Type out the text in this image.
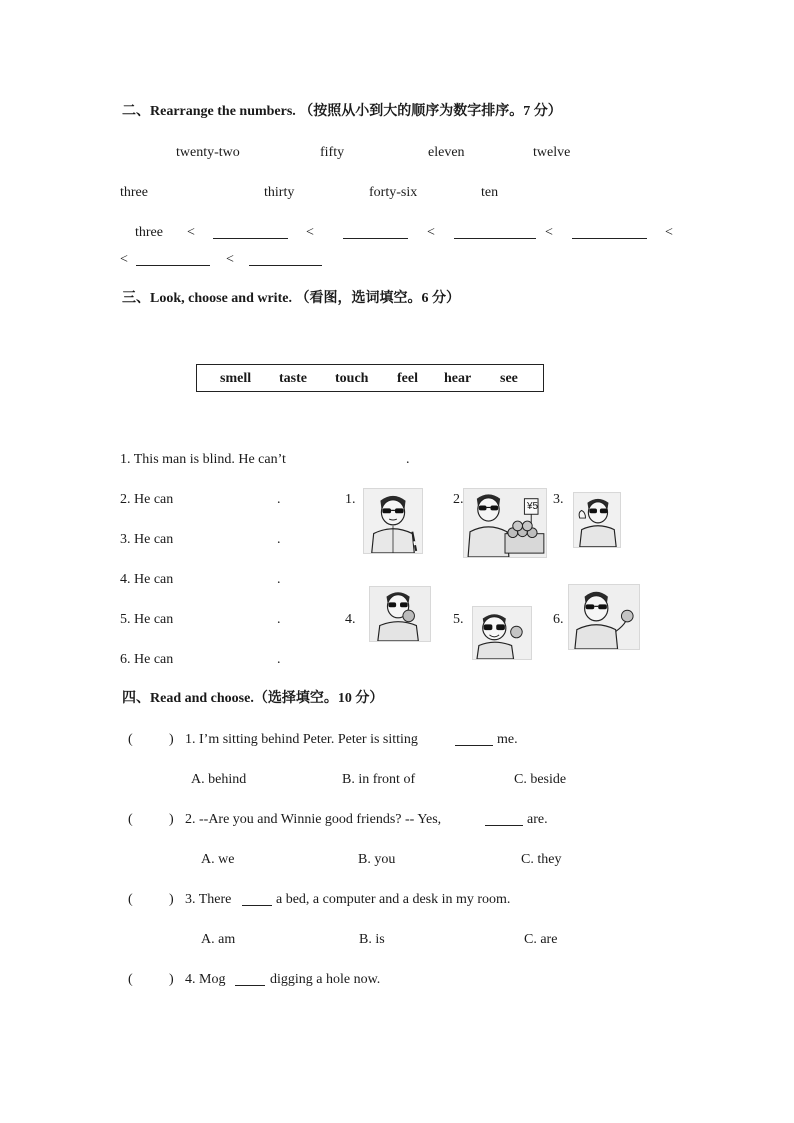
二、Rearrange the numbers. （按照从小到大的顺序为数字排序。7 分）
twenty-two	fifty	eleven	twelve
three	thirty	forty-six	ten
three <	<	<	<	<
<	<
三、Look, choose and write. （看图，选词填空。6 分）
smell taste touch feel hear see
1. This man is blind. He can’t	.
2. He can	.
3. He can	.
4. He can	.
5. He can	.
6. He can	.
1.	2.	3.
4.	5.	6.
¥5
四、Read and choose.（选择填空。10 分）
(	) 1. I’m sitting behind Peter. Peter is sitting	me.
A. behind	B. in front of	C. beside
(	) 2. --Are you and Winnie good friends? -- Yes,	are.
A. we	B. you	C. they
(	) 3. There	a bed, a computer and a desk in my room.
A. am	B. is	C. are
(	) 4. Mog	digging a hole now.
